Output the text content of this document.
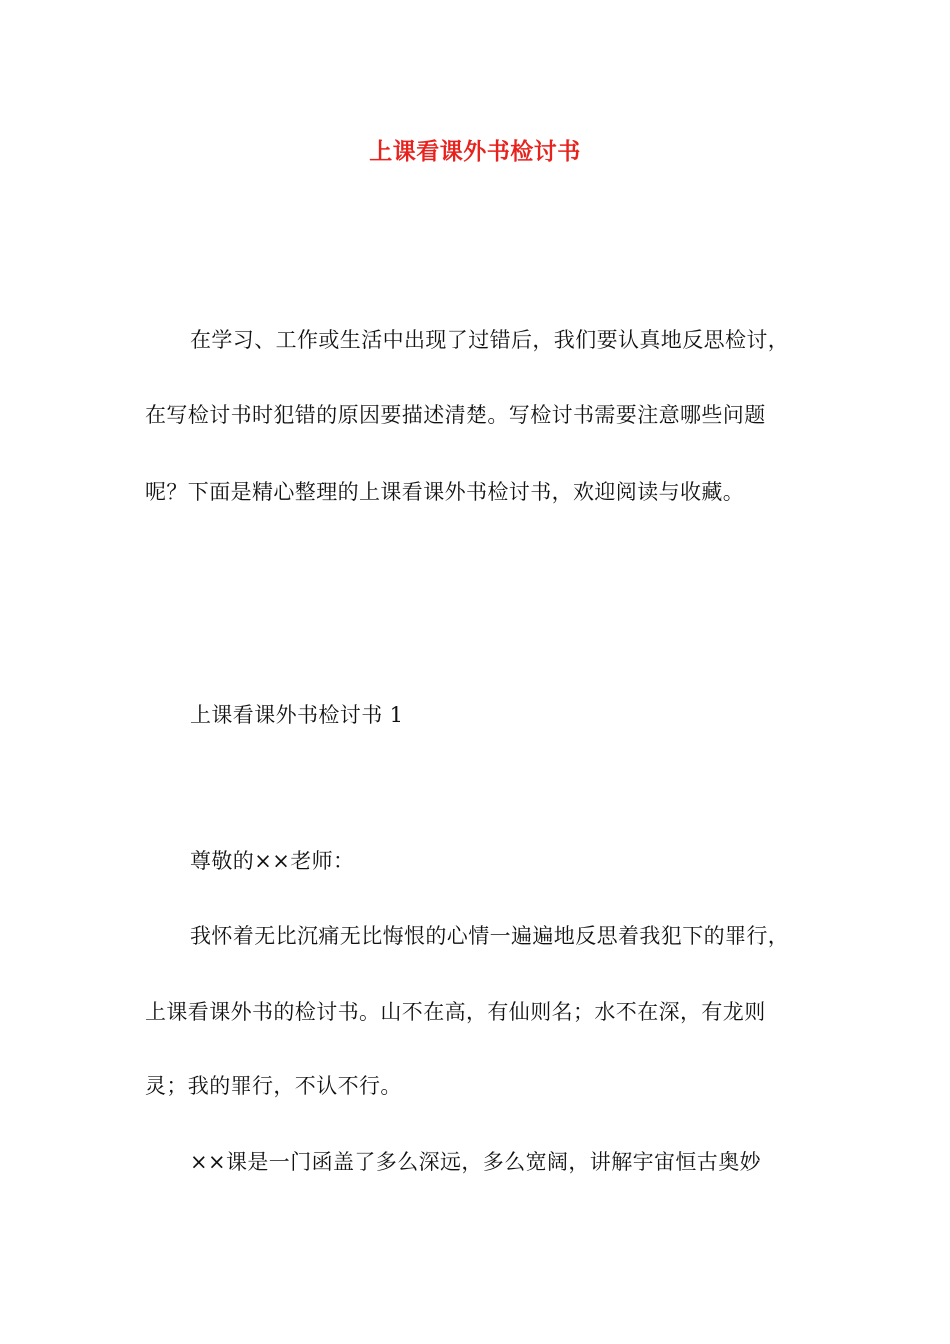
上课看课外书检讨书
在学习、工作或生活中出现了过错后，我们要认真地反思检讨，
在写检讨书时犯错的原因要描述清楚。写检讨书需要注意哪些问题
呢？下面是精心整理的上课看课外书检讨书，欢迎阅读与收藏。
上课看课外书检讨书 1
尊敬的××老师：
我怀着无比沉痛无比悔恨的心情一遍遍地反思着我犯下的罪行，
上课看课外书的检讨书。山不在高，有仙则名；水不在深，有龙则
灵；我的罪行，不认不行。
××课是一门函盖了多么深远，多么宽阔，讲解宇宙恒古奥妙
